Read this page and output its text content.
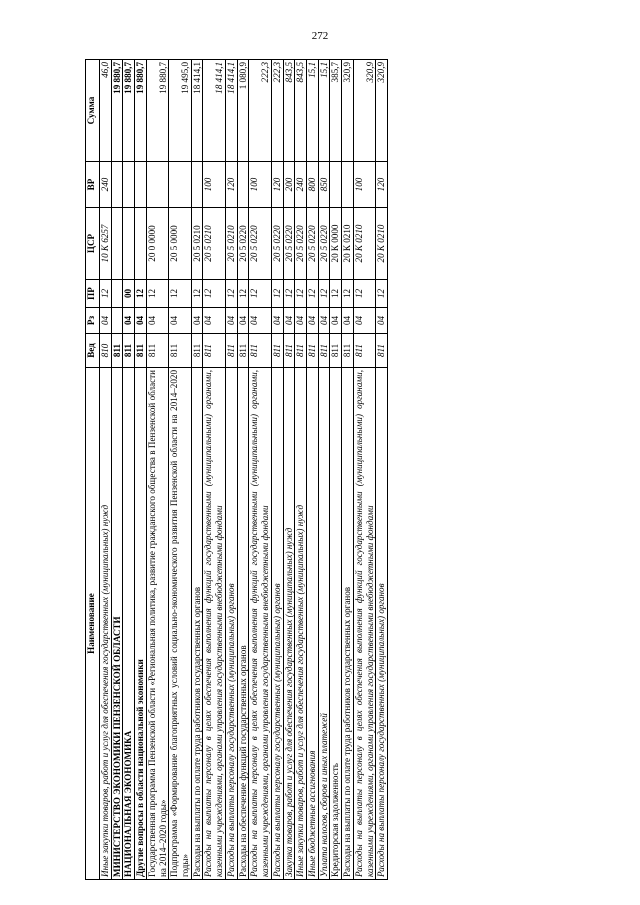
272
Наименование	Вед	Рз	ПР	ЦСР	ВР	Сумма
Иные закупки товаров, работ и услуг для обеспечения государственных (муниципальных) нужд	810	04	12	10 К 6257	240	46,0
МИНИСТЕРСТВО ЭКОНОМИКИ ПЕНЗЕНСКОЙ ОБЛАСТИ	811					19 880,7
НАЦИОНАЛЬНАЯ ЭКОНОМИКА	811	04	00			19 880,7
Другие вопросы в области национальной экономики	811	04	12			19 880,7
Государственная программа Пензенской области «Региональная политика, развитие гражданского общества в Пензенской области на 2014–2020 годы»	811	04	12	20 0 0000		19 880,7
Подпрограмма «Формирование благоприятных условий социально-экономического развития Пензенской области на 2014–2020 годы»	811	04	12	20 5 0000		19 495,0
Расходы на выплаты по оплате труда работников государственных органов	811	04	12	20 5 0210		18 414,1
Расходы на выплаты персоналу в целях обеспечения выполнения функций государственными (муниципальными) органами, казенными учреждениями, органами управления государственными внебюджетными фондами	811	04	12	20 5 0210	100	18 414,1
Расходы на выплаты персоналу государственных (муниципальных) органов	811	04	12	20 5 0210	120	18 414,1
Расходы на обеспечение функций государственных органов	811	04	12	20 5 0220		1 080,9
Расходы на выплаты персоналу в целях обеспечения выполнения функций государственными (муниципальными) органами, казенными учреждениями, органами управления государственными внебюджетными фондами	811	04	12	20 5 0220	100	222,3
Расходы на выплаты персоналу государственных (муниципальных) органов	811	04	12	20 5 0220	120	222,3
Закупка товаров, работ и услуг для обеспечения государственных (муниципальных) нужд	811	04	12	20 5 0220	200	843,5
Иные закупки товаров, работ и услуг для обеспечения государственных (муниципальных) нужд	811	04	12	20 5 0220	240	843,5
Иные бюджетные ассигнования	811	04	12	20 5 0220	800	15,1
Уплата налогов, сборов и иных платежей	811	04	12	20 5 0220	850	15,1
Кредиторская задолженность	811	04	12	20 К 0000		385,7
Расходы на выплаты по оплате труда работников государственных органов	811	04	12	20 К 0210		320,9
Расходы на выплаты персоналу в целях обеспечения выполнения функций государственными (муниципальными) органами, казенными учреждениями, органами управления государственными внебюджетными фондами	811	04	12	20 К 0210	100	320,9
Расходы на выплаты персоналу государственных (муниципальных) органов	811	04	12	20 К 0210	120	320,9
